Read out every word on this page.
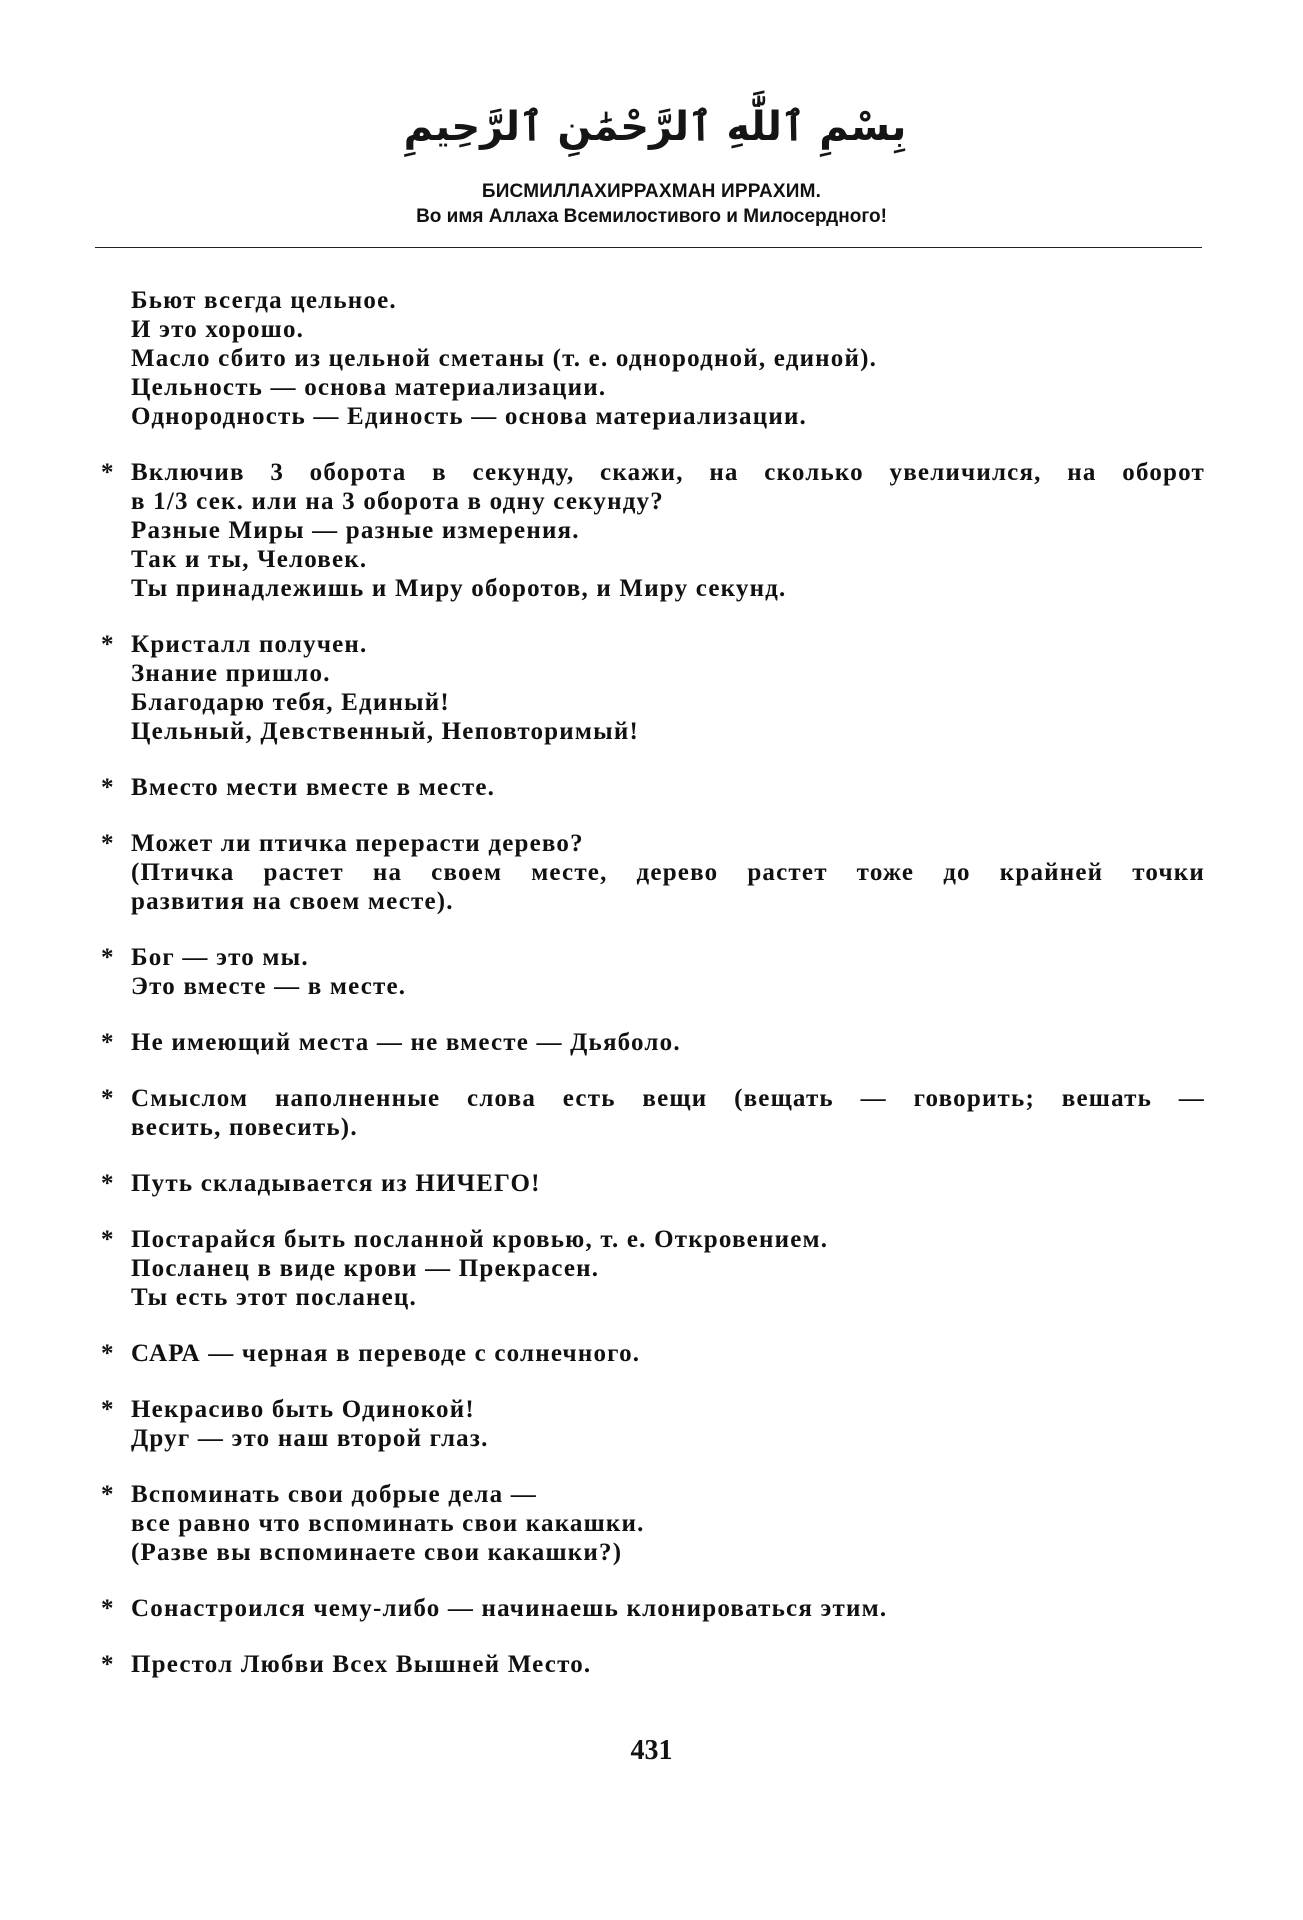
بِسْمِ ٱللَّٰهِ ٱلرَّحْمَٰنِ ٱلرَّحِيمِ
БИСМИЛЛАХИРРАХМАН ИРРАХИМ.
Во имя Аллаха Всемилостивого и Милосердного!
Бьют всегда цельное.
И это хорошо.
Масло сбито из цельной сметаны (т. е. однородной, единой).
Цельность — основа материализации.
Однородность — Единость — основа материализации.
* Включив 3 оборота в секунду, скажи, на сколько увеличился, на оборот
в 1/3 сек. или на 3 оборота в одну секунду?
Разные Миры — разные измерения.
Так и ты, Человек.
Ты принадлежишь и Миру оборотов, и Миру секунд.
* Кристалл получен.
Знание пришло.
Благодарю тебя, Единый!
Цельный, Девственный, Неповторимый!
* Вместо мести вместе в месте.
* Может ли птичка перерасти дерево?
(Птичка растет на своем месте, дерево растет тоже до крайней точки
развития на своем месте).
* Бог — это мы.
Это вместе — в месте.
* Не имеющий места — не вместе — Дьяболо.
* Смыслом наполненные слова есть вещи (вещать — говорить; вешать —
весить, повесить).
* Путь складывается из НИЧЕГО!
* Постарайся быть посланной кровью, т. е. Откровением.
Посланец в виде крови — Прекрасен.
Ты есть этот посланец.
* САРА — черная в переводе с солнечного.
* Некрасиво быть Одинокой!
Друг — это наш второй глаз.
* Вспоминать свои добрые дела —
все равно что вспоминать свои какашки.
(Разве вы вспоминаете свои какашки?)
* Сонастроился чему-либо — начинаешь клонироваться этим.
* Престол Любви Всех Вышней Место.
431
